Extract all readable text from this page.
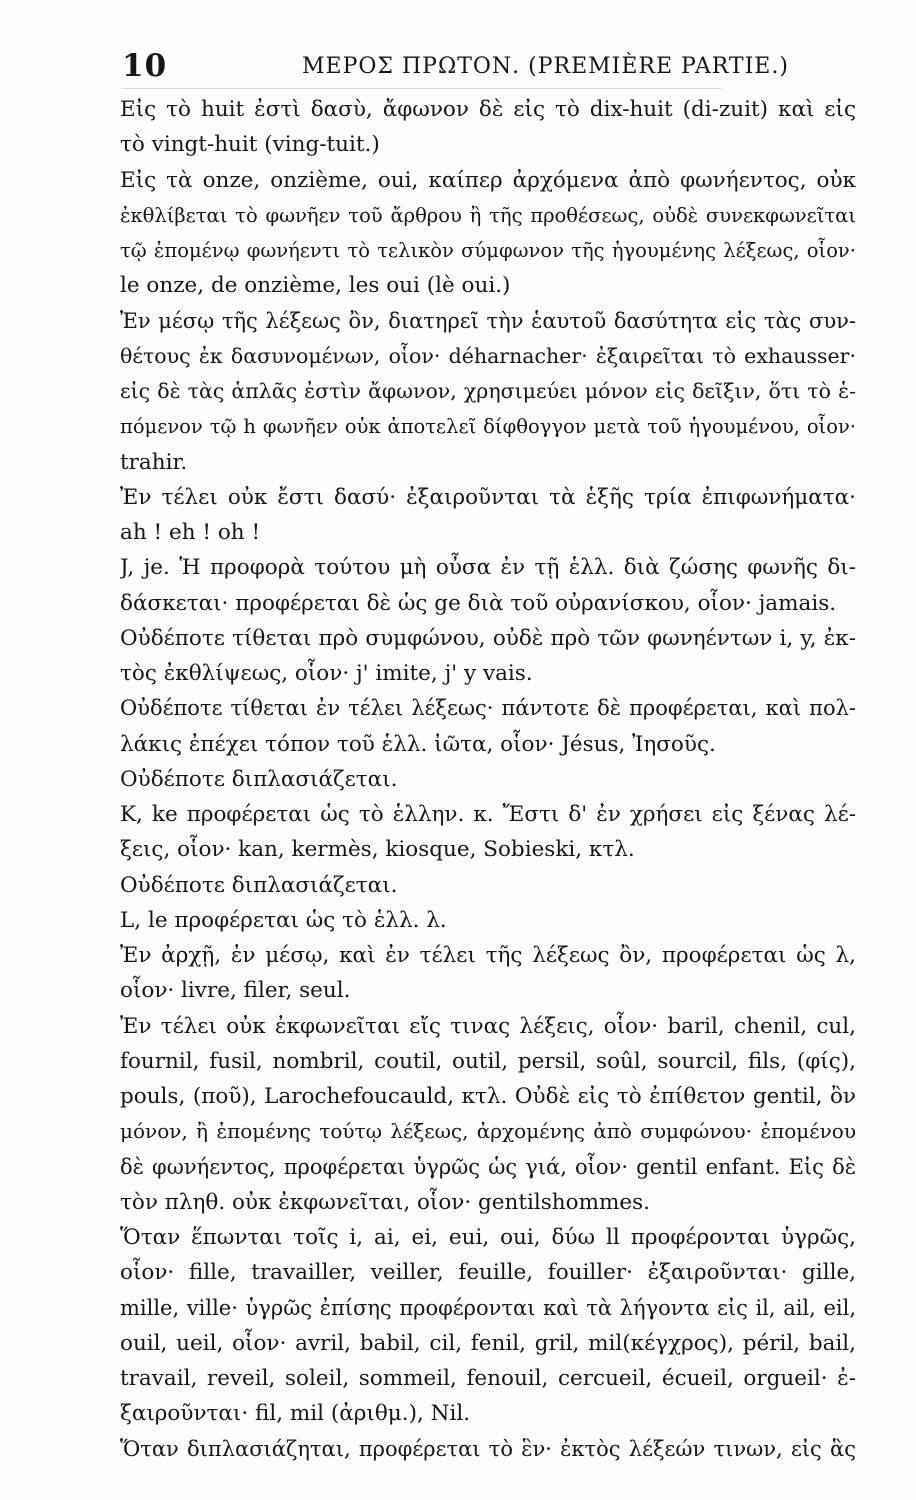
10	ΜΕΡΟΣ ΠΡΩΤΟΝ. (PREMIÈRE PARTIE.)
Εἰς τὸ huit ἐστὶ δασὺ, ἄφωνον δὲ εἰς τὸ dix-huit (di-zuit) καὶ εἰς
τὸ vingt-huit (ving-tuit.)
Εἰς τὰ onze, onzième, oui, καίπερ ἀρχόμενα ἀπὸ φωνήεντος, οὐκ
ἐκθλίβεται τὸ φωνῆεν τοῦ ἄρθρου ἢ τῆς προθέσεως, οὐδὲ συνεκφωνεῖται
τῷ ἑπομένῳ φωνήεντι τὸ τελικὸν σύμφωνον τῆς ἡγουμένης λέξεως, οἷον·
le onze, de onzième, les oui (lè oui.)
Ἐν μέσῳ τῆς λέξεως ὂν, διατηρεῖ τὴν ἑαυτοῦ δασύτητα εἰς τὰς συν-
θέτους ἐκ δασυνομένων, οἷον· déharnacher· ἐξαιρεῖται τὸ exhausser·
εἰς δὲ τὰς ἁπλᾶς ἐστὶν ἄφωνον, χρησιμεύει μόνον εἰς δεῖξιν, ὅτι τὸ ἑ-
πόμενον τῷ h φωνῆεν οὐκ ἀποτελεῖ δίφθογγον μετὰ τοῦ ἡγουμένου, οἷον·
trahir.
Ἐν τέλει οὐκ ἔστι δασύ· ἐξαιροῦνται τὰ ἑξῆς τρία ἐπιφωνήματα·
ah ! eh ! oh !
J, je. Ἡ προφορὰ τούτου μὴ οὖσα ἐν τῇ ἑλλ. διὰ ζώσης φωνῆς δι-
δάσκεται· προφέρεται δὲ ὡς ge διὰ τοῦ οὐρανίσκου, οἷον· jamais.
Οὐδέποτε τίθεται πρὸ συμφώνου, οὐδὲ πρὸ τῶν φωνηέντων i, y, ἐκ-
τὸς ἐκθλίψεως, οἷον· j' imite, j' y vais.
Οὐδέποτε τίθεται ἐν τέλει λέξεως· πάντοτε δὲ προφέρεται, καὶ πολ-
λάκις ἐπέχει τόπον τοῦ ἑλλ. ἰῶτα, οἷον· Jésus, Ἰησοῦς.
Οὐδέποτε διπλασιάζεται.
K, ke προφέρεται ὡς τὸ ἑλλην. κ. Ἔστι δ' ἐν χρήσει εἰς ξένας λέ-
ξεις, οἷον· kan, kermès, kiosque, Sobieski, κτλ.
Οὐδέποτε διπλασιάζεται.
L, le προφέρεται ὡς τὸ ἑλλ. λ.
Ἐν ἀρχῇ, ἐν μέσῳ, καὶ ἐν τέλει τῆς λέξεως ὂν, προφέρεται ὡς λ,
οἷον· livre, filer, seul.
Ἐν τέλει οὐκ ἐκφωνεῖται εἴς τινας λέξεις, οἷον· baril, chenil, cul,
fournil, fusil, nombril, coutil, outil, persil, soûl, sourcil, fils, (φίς),
pouls, (ποῦ), Larochefoucauld, κτλ. Οὐδὲ εἰς τὸ ἐπίθετον gentil, ὂν
μόνον, ἢ ἑπομένης τούτῳ λέξεως, ἀρχομένης ἀπὸ συμφώνου· ἑπομένου
δὲ φωνήεντος, προφέρεται ὑγρῶς ὡς γιά, οἷον· gentil enfant. Εἰς δὲ
τὸν πληθ. οὐκ ἐκφωνεῖται, οἷον· gentilshommes.
Ὅταν ἕπωνται τοῖς i, ai, ei, eui, oui, δύω ll προφέρονται ὑγρῶς,
οἷον· fille, travailler, veiller, feuille, fouiller· ἐξαιροῦνται· gille,
mille, ville· ὑγρῶς ἐπίσης προφέρονται καὶ τὰ λήγοντα εἰς il, ail, eil,
ouil, ueil, οἷον· avril, babil, cil, fenil, gril, mil(κέγχρος), péril, bail,
travail, reveil, soleil, sommeil, fenouil, cercueil, écueil, orgueil· ἐ-
ξαιροῦνται· fil, mil (ἀριθμ.), Nil.
Ὅταν διπλασιάζηται, προφέρεται τὸ ἓν· ἐκτὸς λέξεών τινων, εἰς ἃς
